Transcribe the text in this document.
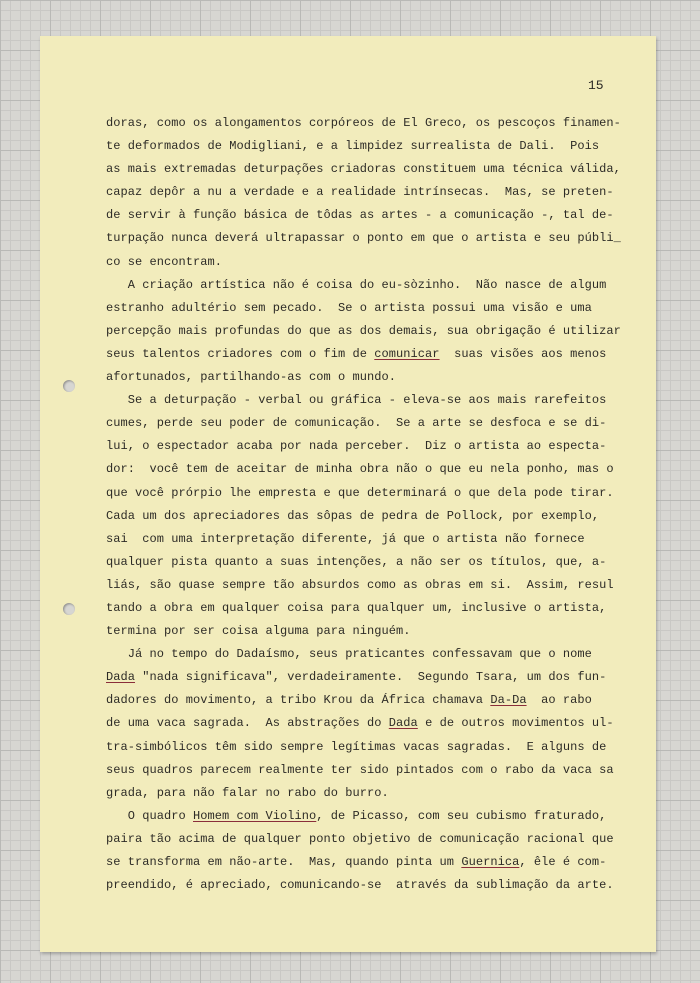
15
doras, como os alongamentos corpóreos de El Greco, os pescoços finamen-
te deformados de Modigliani, e a limpidez surrealista de Dali.  Pois
as mais extremadas deturpações criadoras constituem uma técnica válida,
capaz depôr a nu a verdade e a realidade intrínsecas.  Mas, se preten-
de servir à função básica de tôdas as artes - a comunicação -, tal de-
turpação nunca deverá ultrapassar o ponto em que o artista e seu públi_
co se encontram.
A criação artística não é coisa do eu-sòzinho.  Não nasce de algum
estranho adultério sem pecado.  Se o artista possui uma visão e uma
percepção mais profundas do que as dos demais, sua obrigação é utilizar
seus talentos criadores com o fim de comunicar  suas visões aos menos
afortunados, partilhando-as com o mundo.
Se a deturpação - verbal ou gráfica - eleva-se aos mais rarefeitos
cumes, perde seu poder de comunicação.  Se a arte se desfoca e se di-
lui, o espectador acaba por nada perceber.  Diz o artista ao especta-
dor:  você tem de aceitar de minha obra não o que eu nela ponho, mas o
que você prórpio lhe empresta e que determinará o que dela pode tirar.
Cada um dos apreciadores das sôpas de pedra de Pollock, por exemplo,
sai  com uma interpretação diferente, já que o artista não fornece
qualquer pista quanto a suas intenções, a não ser os títulos, que, a-
liás, são quase sempre tão absurdos como as obras em si.  Assim, resul
tando a obra em qualquer coisa para qualquer um, inclusive o artista,
termina por ser coisa alguma para ninguém.
Já no tempo do Dadaísmo, seus praticantes confessavam que o nome
Dada "nada significava", verdadeiramente.  Segundo Tsara, um dos fun-
dadores do movimento, a tribo Krou da África chamava Da-Da  ao rabo
de uma vaca sagrada.  As abstrações do Dada e de outros movimentos ul-
tra-simbólicos têm sido sempre legítimas vacas sagradas.  E alguns de
seus quadros parecem realmente ter sido pintados com o rabo da vaca sa
grada, para não falar no rabo do burro.
O quadro Homem com Violino, de Picasso, com seu cubismo fraturado,
paira tão acima de qualquer ponto objetivo de comunicação racional que
se transforma em não-arte.  Mas, quando pinta um Guernica, êle é com-
preendido, é apreciado, comunicando-se  através da sublimação da arte.
